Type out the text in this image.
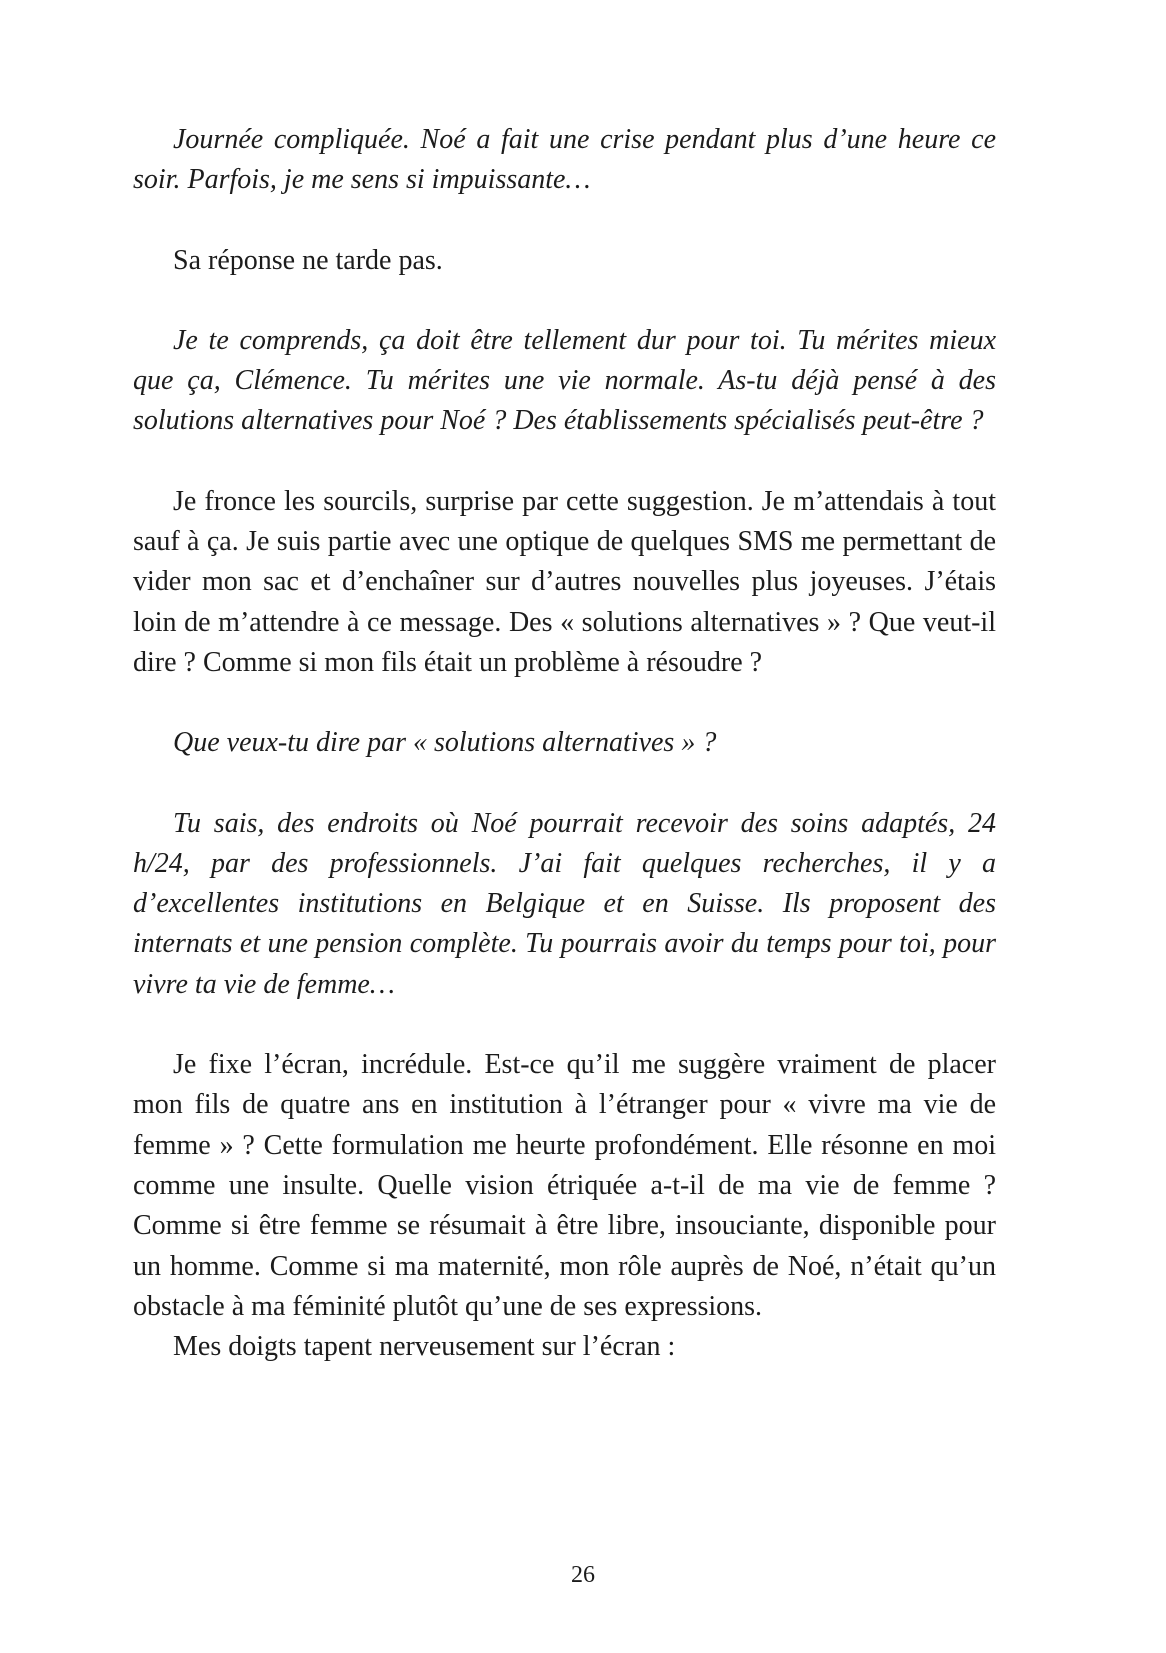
Journée compliquée. Noé a fait une crise pendant plus d’une heure ce soir. Parfois, je me sens si impuissante…

Sa réponse ne tarde pas.

Je te comprends, ça doit être tellement dur pour toi. Tu mérites mieux que ça, Clémence. Tu mérites une vie normale. As-tu déjà pensé à des solutions alternatives pour Noé ? Des établissements spécialisés peut-être ?

Je fronce les sourcils, surprise par cette suggestion. Je m’attendais à tout sauf à ça. Je suis partie avec une optique de quelques SMS me permettant de vider mon sac et d’enchaîner sur d’autres nouvelles plus joyeuses. J’étais loin de m’attendre à ce message. Des « solutions alternatives » ? Que veut-il dire ? Comme si mon fils était un problème à résoudre ?

Que veux-tu dire par « solutions alternatives » ?

Tu sais, des endroits où Noé pourrait recevoir des soins adaptés, 24 h/24, par des professionnels. J’ai fait quelques recherches, il y a d’excellentes institutions en Belgique et en Suisse. Ils proposent des internats et une pension complète. Tu pourrais avoir du temps pour toi, pour vivre ta vie de femme…

Je fixe l’écran, incrédule. Est-ce qu’il me suggère vraiment de placer mon fils de quatre ans en institution à l’étranger pour « vivre ma vie de femme » ? Cette formulation me heurte profondément. Elle résonne en moi comme une insulte. Quelle vision étriquée a-t-il de ma vie de femme ? Comme si être femme se résumait à être libre, insouciante, disponible pour un homme. Comme si ma maternité, mon rôle auprès de Noé, n’était qu’un obstacle à ma féminité plutôt qu’une de ses expressions.

Mes doigts tapent nerveusement sur l’écran :

26
